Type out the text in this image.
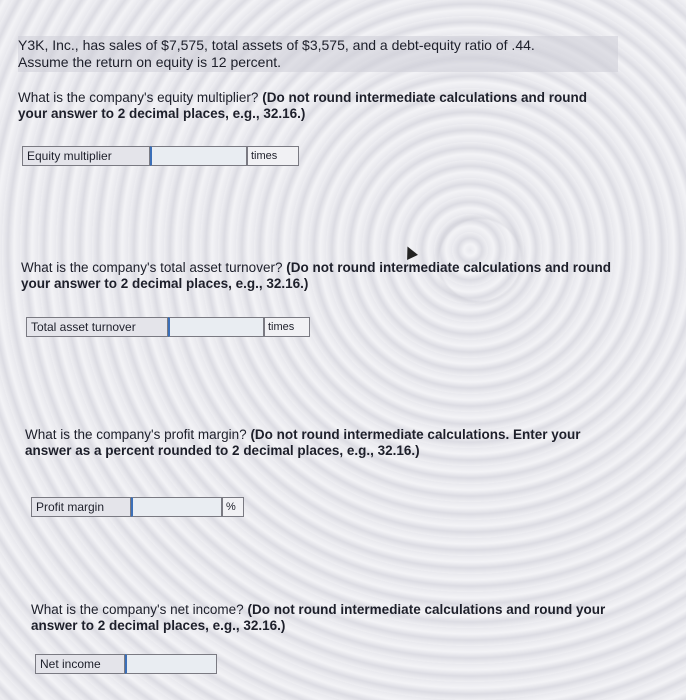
Y3K, Inc., has sales of $7,575, total assets of $3,575, and a debt-equity ratio of .44.
Assume the return on equity is 12 percent.
What is the company's equity multiplier? (Do not round intermediate calculations and round your answer to 2 decimal places, e.g., 32.16.)
Equity multiplier	times
What is the company's total asset turnover? (Do not round intermediate calculations and round your answer to 2 decimal places, e.g., 32.16.)
Total asset turnover	times
What is the company's profit margin? (Do not round intermediate calculations. Enter your answer as a percent rounded to 2 decimal places, e.g., 32.16.)
Profit margin	%
What is the company's net income? (Do not round intermediate calculations and round your answer to 2 decimal places, e.g., 32.16.)
Net income
